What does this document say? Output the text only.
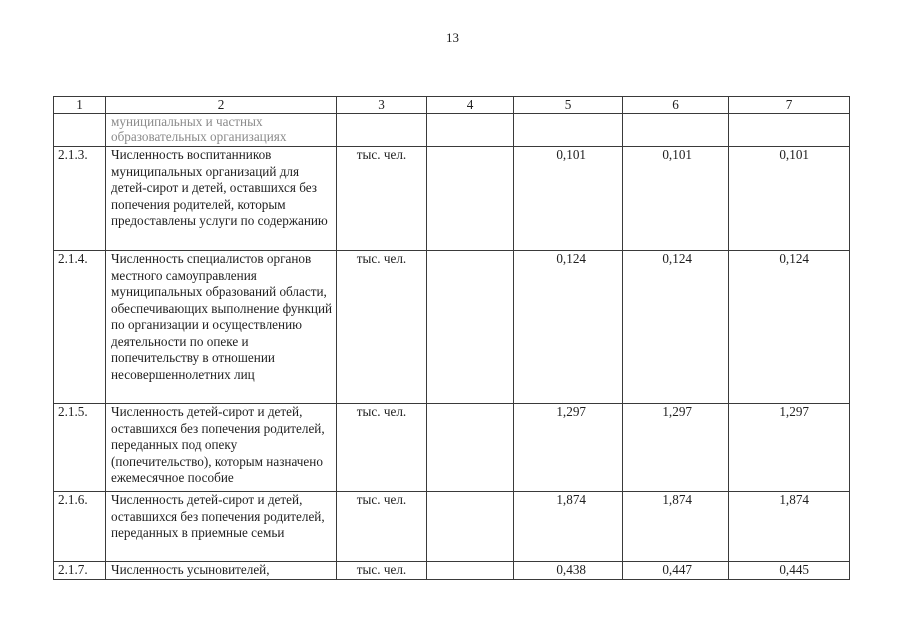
13
1	2	3	4	5	6	7
	муниципальных и частных образовательных организациях					
2.1.3.	Численность воспитанников муниципальных организаций для детей-сирот и детей, оставшихся без попечения родителей, которым предоставлены услуги по содержанию	тыс. чел.		0,101	0,101	0,101
2.1.4.	Численность специалистов органов местного самоуправления муниципальных образований области, обеспечивающих выполнение функций по организации и осуществлению деятельности по опеке и попечительству в отношении несовершеннолетних лиц	тыс. чел.		0,124	0,124	0,124
2.1.5.	Численность детей-сирот и детей, оставшихся без попечения родителей, переданных под опеку (попечительство), которым назначено ежемесячное пособие	тыс. чел.		1,297	1,297	1,297
2.1.6.	Численность детей-сирот и детей, оставшихся без попечения родителей, переданных в приемные семьи	тыс. чел.		1,874	1,874	1,874
2.1.7.	Численность усыновителей,	тыс. чел.		0,438	0,447	0,445
